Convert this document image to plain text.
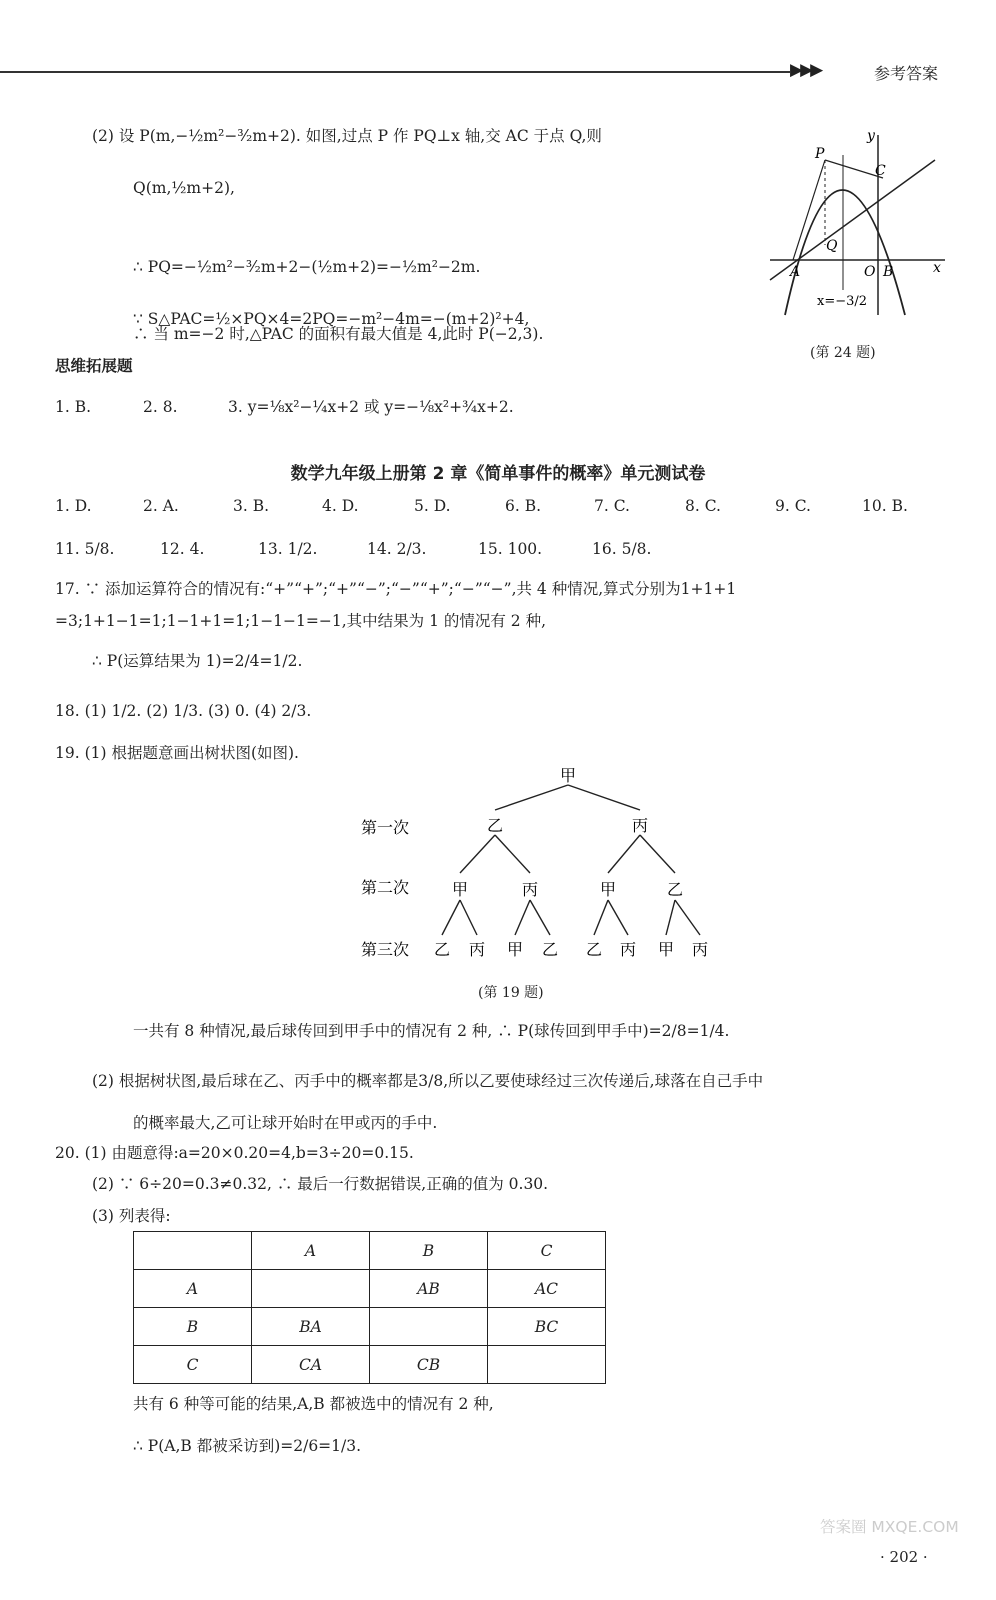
▶▶▶	参考答案
(2) 设 P(m,−½m²−³⁄₂m+2). 如图,过点 P 作 PQ⊥x 轴,交 AC 于点 Q,则
Q(m,½m+2),
∴ PQ=−½m²−³⁄₂m+2−(½m+2)=−½m²−2m.
∵ S△PAC=½×PQ×4=2PQ=−m²−4m=−(m+2)²+4,
∴ 当 m=−2 时,△PAC 的面积有最大值是 4,此时 P(−2,3).
P
y
C
Q
A	O B	x
x=−3/2
(第 24 题)
思维拓展题
1. B.	2. 8.	3. y=⅛x²−¼x+2 或 y=−⅛x²+¾x+2.
数学九年级上册第 2 章《简单事件的概率》单元测试卷
1. D.	2. A.	3. B.	4. D.	5. D.	6. B.	7. C.	8. C.	9. C.	10. B.
11. 5/8.	12. 4.	13. 1/2.	14. 2/3.	15. 100.	16. 5/8.
17. ∵ 添加运算符合的情况有:“+”“+”;“+”“−”;“−”“+”;“−”“−”,共 4 种情况,算式分别为1+1+1
=3;1+1−1=1;1−1+1=1;1−1−1=−1,其中结果为 1 的情况有 2 种,
∴ P(运算结果为 1)=2/4=1/2.
18. (1) 1/2. (2) 1/3. (3) 0. (4) 2/3.
19. (1) 根据题意画出树状图(如图).
甲
第一次
第二次
第三次
乙	丙
甲	丙	甲	乙
乙 丙 甲 乙 乙 丙 甲 丙
(第 19 题)
一共有 8 种情况,最后球传回到甲手中的情况有 2 种, ∴ P(球传回到甲手中)=2/8=1/4.
(2) 根据树状图,最后球在乙、丙手中的概率都是3/8,所以乙要使球经过三次传递后,球落在自己手中
的概率最大,乙可让球开始时在甲或丙的手中.
20. (1) 由题意得:a=20×0.20=4,b=3÷20=0.15.
(2) ∵ 6÷20=0.3≠0.32, ∴ 最后一行数据错误,正确的值为 0.30.
(3) 列表得:
	A	B	C
A		AB	AC
B	BA		BC
C	CA	CB	
共有 6 种等可能的结果,A,B 都被选中的情况有 2 种,
∴ P(A,B 都被采访到)=2/6=1/3.
· 202 ·
答案圈 MXQE.COM
